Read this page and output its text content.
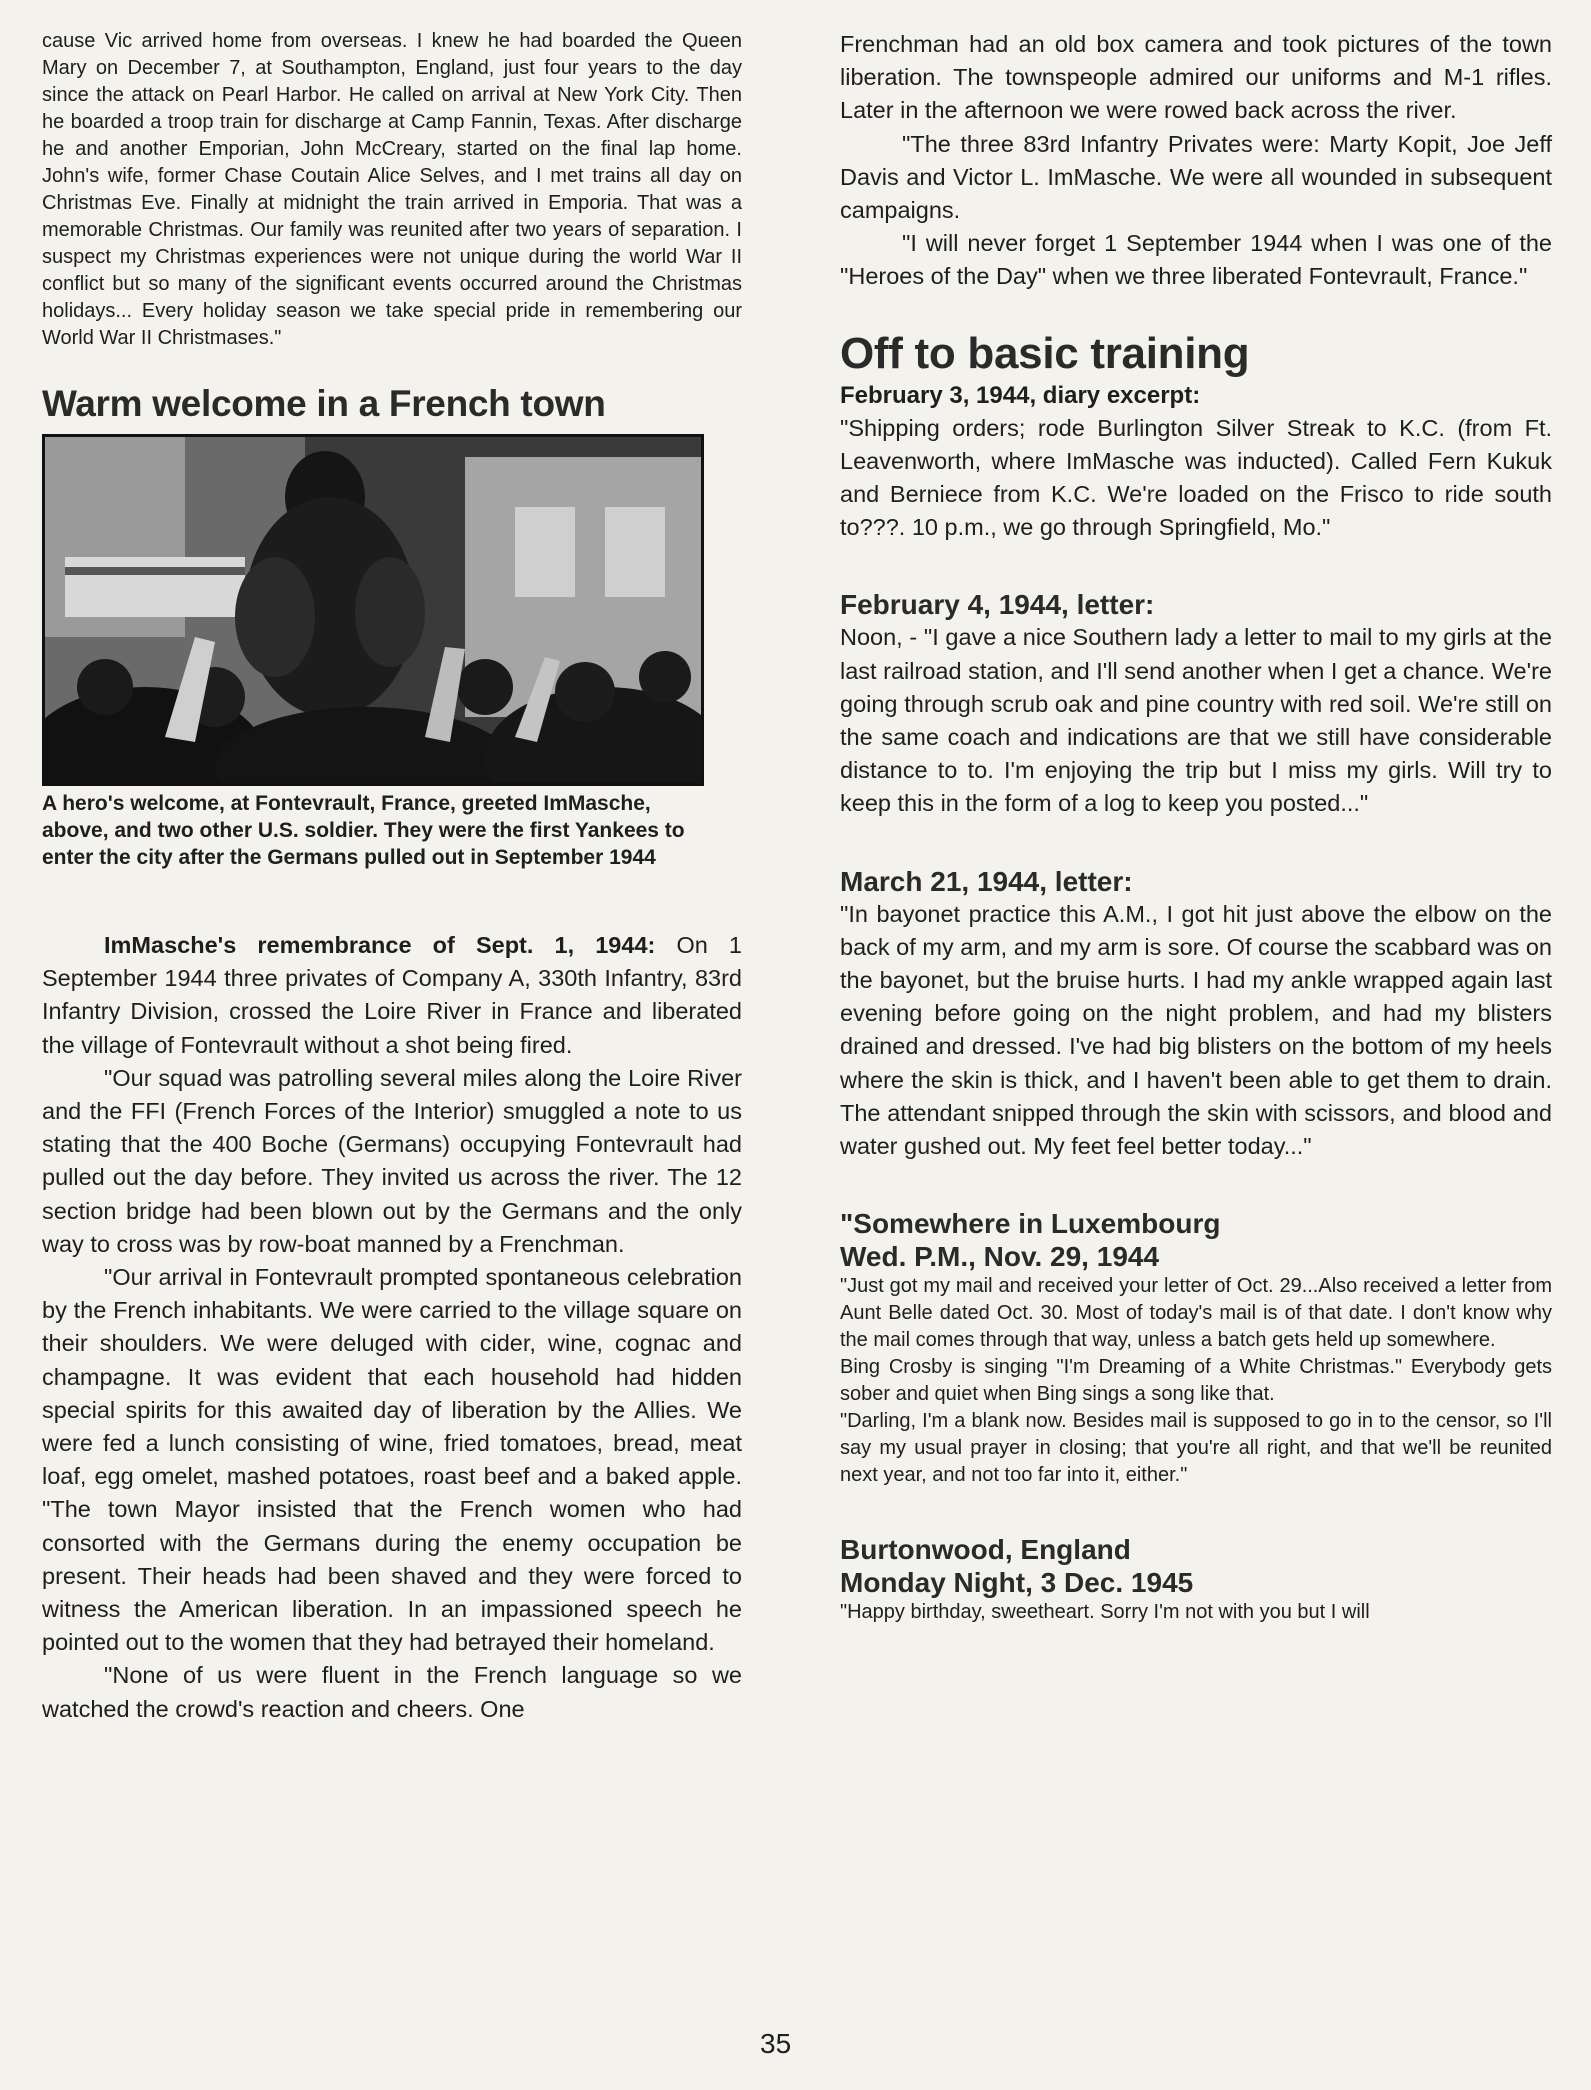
cause Vic arrived home from overseas. I knew he had boarded the Queen Mary on December 7, at Southampton, England, just four years to the day since the attack on Pearl Harbor. He called on arrival at New York City. Then he boarded a troop train for discharge at Camp Fannin, Texas. After discharge he and another Emporian, John McCreary, started on the final lap home. John's wife, former Chase Coutain Alice Selves, and I met trains all day on Christmas Eve. Finally at midnight the train arrived in Emporia. That was a memorable Christmas. Our family was reunited after two years of separation. I suspect my Christmas experiences were not unique during the world War II conflict but so many of the significant events occurred around the Christmas holidays... Every holiday season we take special pride in remembering our World War II Christmases."

Warm welcome in a French town
A hero's welcome, at Fontevrault, France, greeted ImMasche, above, and two other U.S. soldier. They were the first Yankees to enter the city after the Germans pulled out in September 1944

ImMasche's remembrance of Sept. 1, 1944: On 1 September 1944 three privates of Company A, 330th Infantry, 83rd Infantry Division, crossed the Loire River in France and liberated the village of Fontevrault without a shot being fired.

"Our squad was patrolling several miles along the Loire River and the FFI (French Forces of the Interior) smuggled a note to us stating that the 400 Boche (Germans) occupying Fontevrault had pulled out the day before. They invited us across the river. The 12 section bridge had been blown out by the Germans and the only way to cross was by row-boat manned by a Frenchman.

"Our arrival in Fontevrault prompted spontaneous celebration by the French inhabitants. We were carried to the village square on their shoulders. We were deluged with cider, wine, cognac and champagne. It was evident that each household had hidden special spirits for this awaited day of liberation by the Allies. We were fed a lunch consisting of wine, fried tomatoes, bread, meat loaf, egg omelet, mashed potatoes, roast beef and a baked apple. "The town Mayor insisted that the French women who had consorted with the Germans during the enemy occupation be present. Their heads had been shaved and they were forced to witness the American liberation. In an impassioned speech he pointed out to the women that they had betrayed their homeland.

"None of us were fluent in the French language so we watched the crowd's reaction and cheers. One

Frenchman had an old box camera and took pictures of the town liberation. The townspeople admired our uniforms and M-1 rifles. Later in the afternoon we were rowed back across the river.

"The three 83rd Infantry Privates were: Marty Kopit, Joe Jeff Davis and Victor L. ImMasche. We were all wounded in subsequent campaigns.

"I will never forget 1 September 1944 when I was one of the "Heroes of the Day" when we three liberated Fontevrault, France."

Off to basic training
February 3, 1944, diary excerpt:

"Shipping orders; rode Burlington Silver Streak to K.C. (from Ft. Leavenworth, where ImMasche was inducted). Called Fern Kukuk and Berniece from K.C. We're loaded on the Frisco to ride south to???. 10 p.m., we go through Springfield, Mo."

February 4, 1944, letter:

Noon, - "I gave a nice Southern lady a letter to mail to my girls at the last railroad station, and I'll send another when I get a chance. We're going through scrub oak and pine country with red soil. We're still on the same coach and indications are that we still have considerable distance to to. I'm enjoying the trip but I miss my girls. Will try to keep this in the form of a log to keep you posted..."

March 21, 1944, letter:

"In bayonet practice this A.M., I got hit just above the elbow on the back of my arm, and my arm is sore. Of course the scabbard was on the bayonet, but the bruise hurts. I had my ankle wrapped again last evening before going on the night problem, and had my blisters drained and dressed. I've had big blisters on the bottom of my heels where the skin is thick, and I haven't been able to get them to drain. The attendant snipped through the skin with scissors, and blood and water gushed out. My feet feel better today..."

"Somewhere in Luxembourg
Wed. P.M., Nov. 29, 1944

"Just got my mail and received your letter of Oct. 29...Also received a letter from Aunt Belle dated Oct. 30. Most of today's mail is of that date. I don't know why the mail comes through that way, unless a batch gets held up somewhere.

Bing Crosby is singing "I'm Dreaming of a White Christmas." Everybody gets sober and quiet when Bing sings a song like that.

"Darling, I'm a blank now. Besides mail is supposed to go in to the censor, so I'll say my usual prayer in closing; that you're all right, and that we'll be reunited next year, and not too far into it, either."

Burtonwood, England
Monday Night, 3 Dec. 1945

"Happy birthday, sweetheart. Sorry I'm not with you but I will

35
